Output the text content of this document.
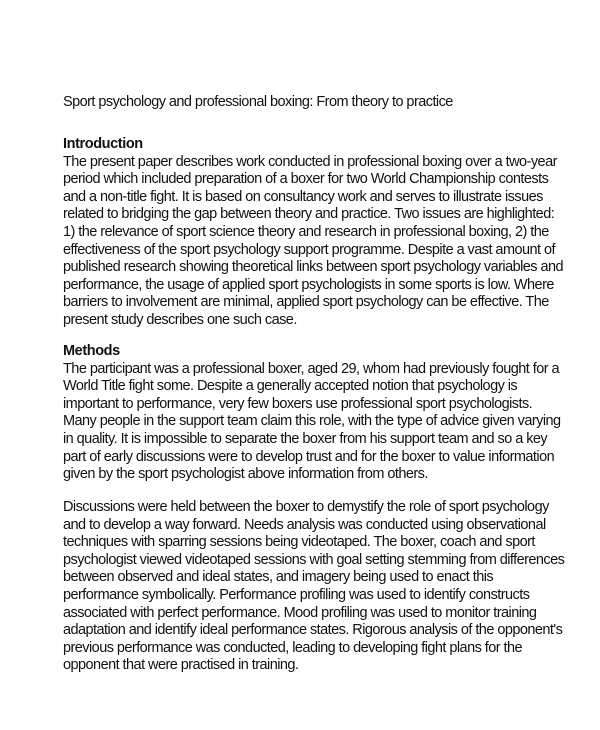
Sport psychology and professional boxing: From theory to practice
Introduction
The present paper describes work conducted in professional boxing over a two-year
period which included preparation of a boxer for two World Championship contests
and a non-title fight. It is based on consultancy work and serves to illustrate issues
related to bridging the gap between theory and practice. Two issues are highlighted:
1) the relevance of sport science theory and research in professional boxing, 2) the
effectiveness of the sport psychology support programme. Despite a vast amount of
published research showing theoretical links between sport psychology variables and
performance, the usage of applied sport psychologists in some sports is low. Where
barriers to involvement are minimal, applied sport psychology can be effective. The
present study describes one such case.
Methods
The participant was a professional boxer, aged 29, whom had previously fought for a
World Title fight some. Despite a generally accepted notion that psychology is
important to performance, very few boxers use professional sport psychologists.
Many people in the support team claim this role, with the type of advice given varying
in quality. It is impossible to separate the boxer from his support team and so a key
part of early discussions were to develop trust and for the boxer to value information
given by the sport psychologist above information from others.
Discussions were held between the boxer to demystify the role of sport psychology
and to develop a way forward. Needs analysis was conducted using observational
techniques with sparring sessions being videotaped. The boxer, coach and sport
psychologist viewed videotaped sessions with goal setting stemming from differences
between observed and ideal states, and imagery being used to enact this
performance symbolically. Performance profiling was used to identify constructs
associated with perfect performance. Mood profiling was used to monitor training
adaptation and identify ideal performance states. Rigorous analysis of the opponent's
previous performance was conducted, leading to developing fight plans for the
opponent that were practised in training.
